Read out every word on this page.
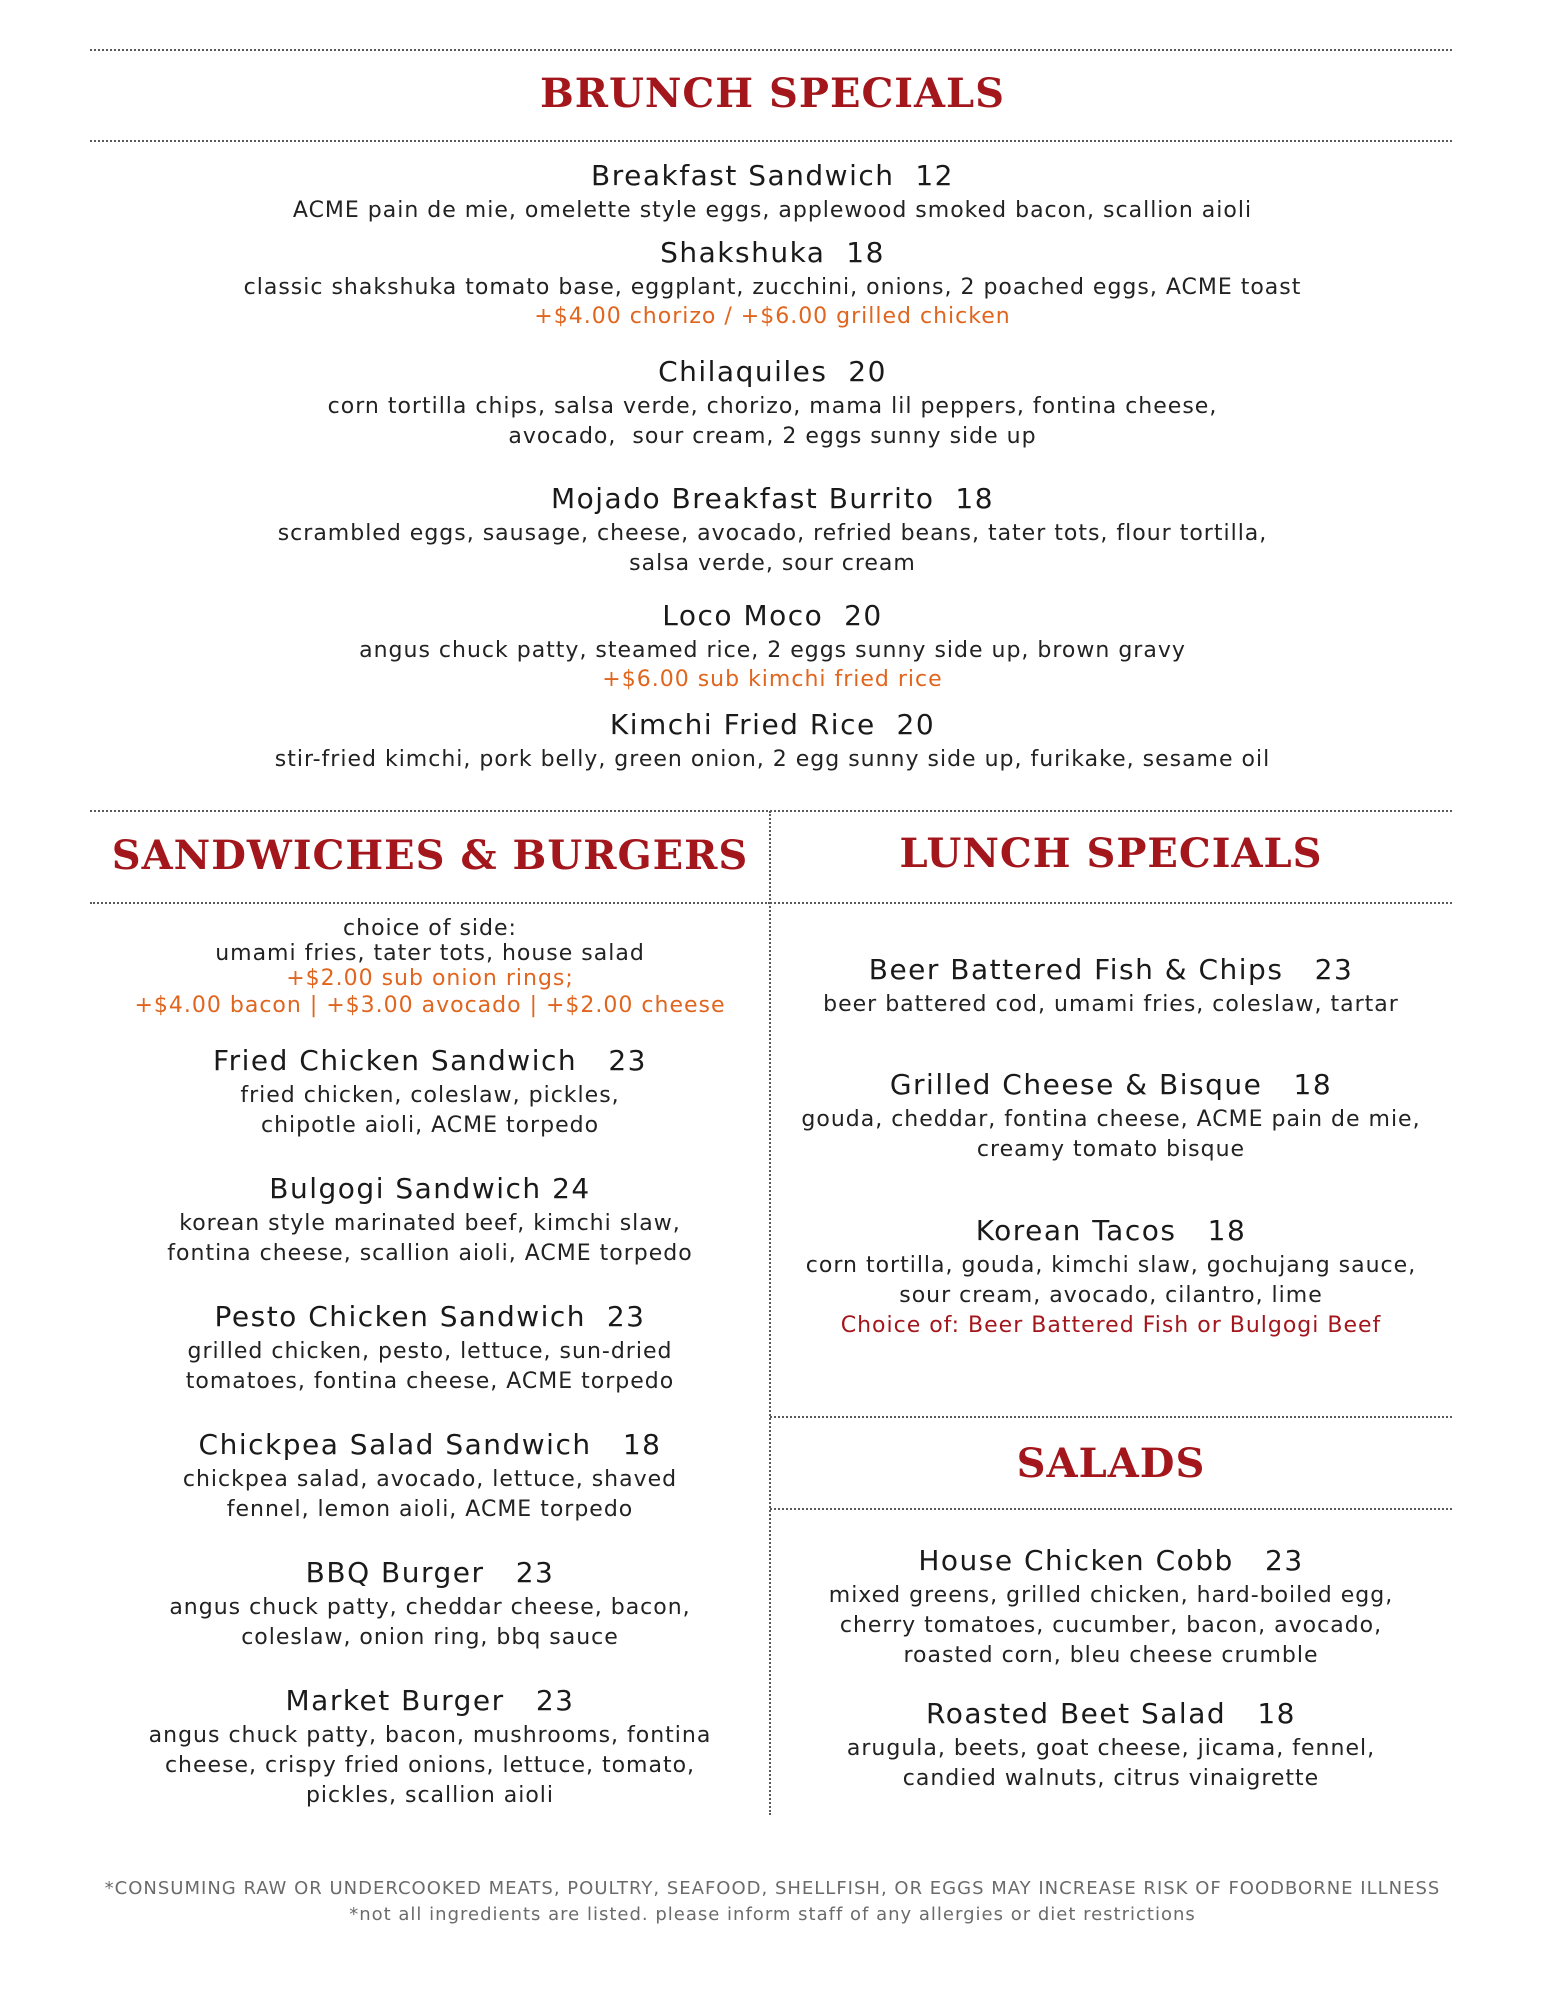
BRUNCH SPECIALS
Breakfast Sandwich 12
ACME pain de mie, omelette style eggs, applewood smoked bacon, scallion aioli
Shakshuka 18
classic shakshuka tomato base, eggplant, zucchini, onions, 2 poached eggs, ACME toast
+$4.00 chorizo / +$6.00 grilled chicken
Chilaquiles 20
corn tortilla chips, salsa verde, chorizo, mama lil peppers, fontina cheese,
avocado,  sour cream, 2 eggs sunny side up
Mojado Breakfast Burrito 18
scrambled eggs, sausage, cheese, avocado, refried beans, tater tots, flour tortilla,
salsa verde, sour cream
Loco Moco 20
angus chuck patty, steamed rice, 2 eggs sunny side up, brown gravy
+$6.00 sub kimchi fried rice
Kimchi Fried Rice 20
stir-fried kimchi, pork belly, green onion, 2 egg sunny side up, furikake, sesame oil
SANDWICHES & BURGERS
choice of side:
umami fries, tater tots, house salad
+$2.00 sub onion rings;
+$4.00 bacon | +$3.00 avocado | +$2.00 cheese
Fried Chicken Sandwich 23
fried chicken, coleslaw, pickles,
chipotle aioli, ACME torpedo
Bulgogi Sandwich 24
korean style marinated beef, kimchi slaw,
fontina cheese, scallion aioli, ACME torpedo
Pesto Chicken Sandwich 23
grilled chicken, pesto, lettuce, sun-dried
tomatoes, fontina cheese, ACME torpedo
Chickpea Salad Sandwich 18
chickpea salad, avocado, lettuce, shaved
fennel, lemon aioli, ACME torpedo
BBQ Burger 23
angus chuck patty, cheddar cheese, bacon,
coleslaw, onion ring, bbq sauce
Market Burger 23
angus chuck patty, bacon, mushrooms, fontina
cheese, crispy fried onions, lettuce, tomato,
pickles, scallion aioli
LUNCH SPECIALS
Beer Battered Fish & Chips 23
beer battered cod, umami fries, coleslaw, tartar
Grilled Cheese & Bisque 18
gouda, cheddar, fontina cheese, ACME pain de mie,
creamy tomato bisque
Korean Tacos 18
corn tortilla, gouda, kimchi slaw, gochujang sauce,
sour cream, avocado, cilantro, lime
Choice of: Beer Battered Fish or Bulgogi Beef
SALADS
House Chicken Cobb 23
mixed greens, grilled chicken, hard-boiled egg,
cherry tomatoes, cucumber, bacon, avocado,
roasted corn, bleu cheese crumble
Roasted Beet Salad 18
arugula, beets, goat cheese, jicama, fennel,
candied walnuts, citrus vinaigrette
*CONSUMING RAW OR UNDERCOOKED MEATS, POULTRY, SEAFOOD, SHELLFISH, OR EGGS MAY INCREASE RISK OF FOODBORNE ILLNESS
*not all ingredients are listed. please inform staff of any allergies or diet restrictions
